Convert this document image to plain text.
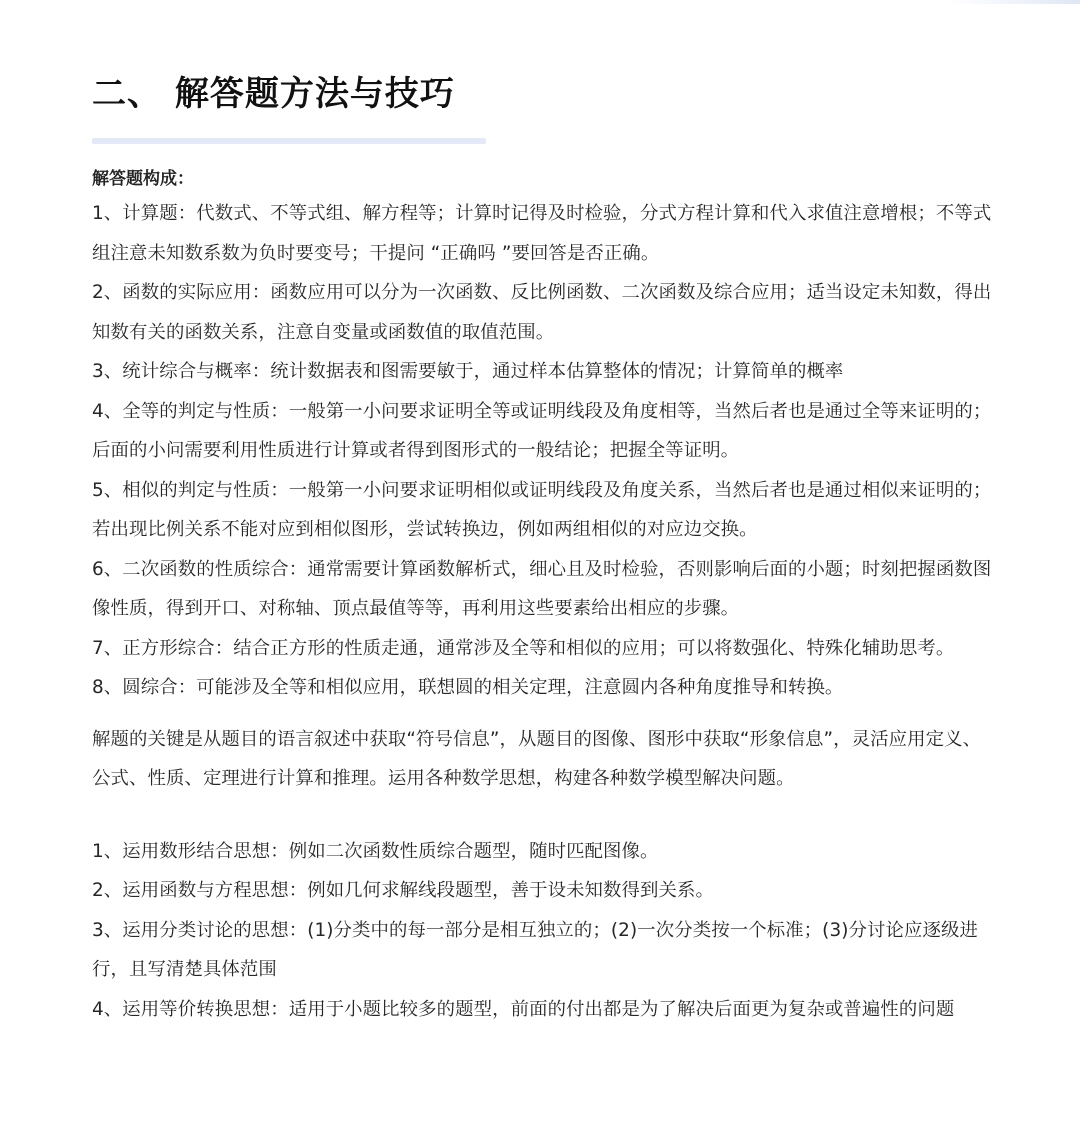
二、 解答题方法与技巧
解答题构成：

1、计算题：代数式、不等式组、解方程等；计算时记得及时检验，分式方程计算和代入求值注意增根；不等式组注意未知数系数为负时要变号；干提问 “正确吗 ”要回答是否正确。

2、函数的实际应用：函数应用可以分为一次函数、反比例函数、二次函数及综合应用；适当设定未知数，得出知数有关的函数关系，注意自变量或函数值的取值范围。

3、统计综合与概率：统计数据表和图需要敏于，通过样本估算整体的情况；计算简单的概率

4、全等的判定与性质：一般第一小问要求证明全等或证明线段及角度相等，当然后者也是通过全等来证明的；后面的小问需要利用性质进行计算或者得到图形式的一般结论；把握全等证明。

5、相似的判定与性质：一般第一小问要求证明相似或证明线段及角度关系，当然后者也是通过相似来证明的；若出现比例关系不能对应到相似图形，尝试转换边，例如两组相似的对应边交换。

6、二次函数的性质综合：通常需要计算函数解析式，细心且及时检验，否则影响后面的小题；时刻把握函数图像性质，得到开口、对称轴、顶点最值等等，再利用这些要素给出相应的步骤。

7、正方形综合：结合正方形的性质走通，通常涉及全等和相似的应用；可以将数强化、特殊化辅助思考。

8、圆综合：可能涉及全等和相似应用，联想圆的相关定理，注意圆内各种角度推导和转换。

解题的关键是从题目的语言叙述中获取“符号信息”，从题目的图像、图形中获取“形象信息”，灵活应用定义、公式、性质、定理进行计算和推理。运用各种数学思想，构建各种数学模型解决问题。

1、运用数形结合思想：例如二次函数性质综合题型，随时匹配图像。

2、运用函数与方程思想：例如几何求解线段题型，善于设未知数得到关系。

3、运用分类讨论的思想：(1)分类中的每一部分是相互独立的；(2)一次分类按一个标准；(3)分讨论应逐级进行，且写清楚具体范围

4、运用等价转换思想：适用于小题比较多的题型，前面的付出都是为了解决后面更为复杂或普遍性的问题
